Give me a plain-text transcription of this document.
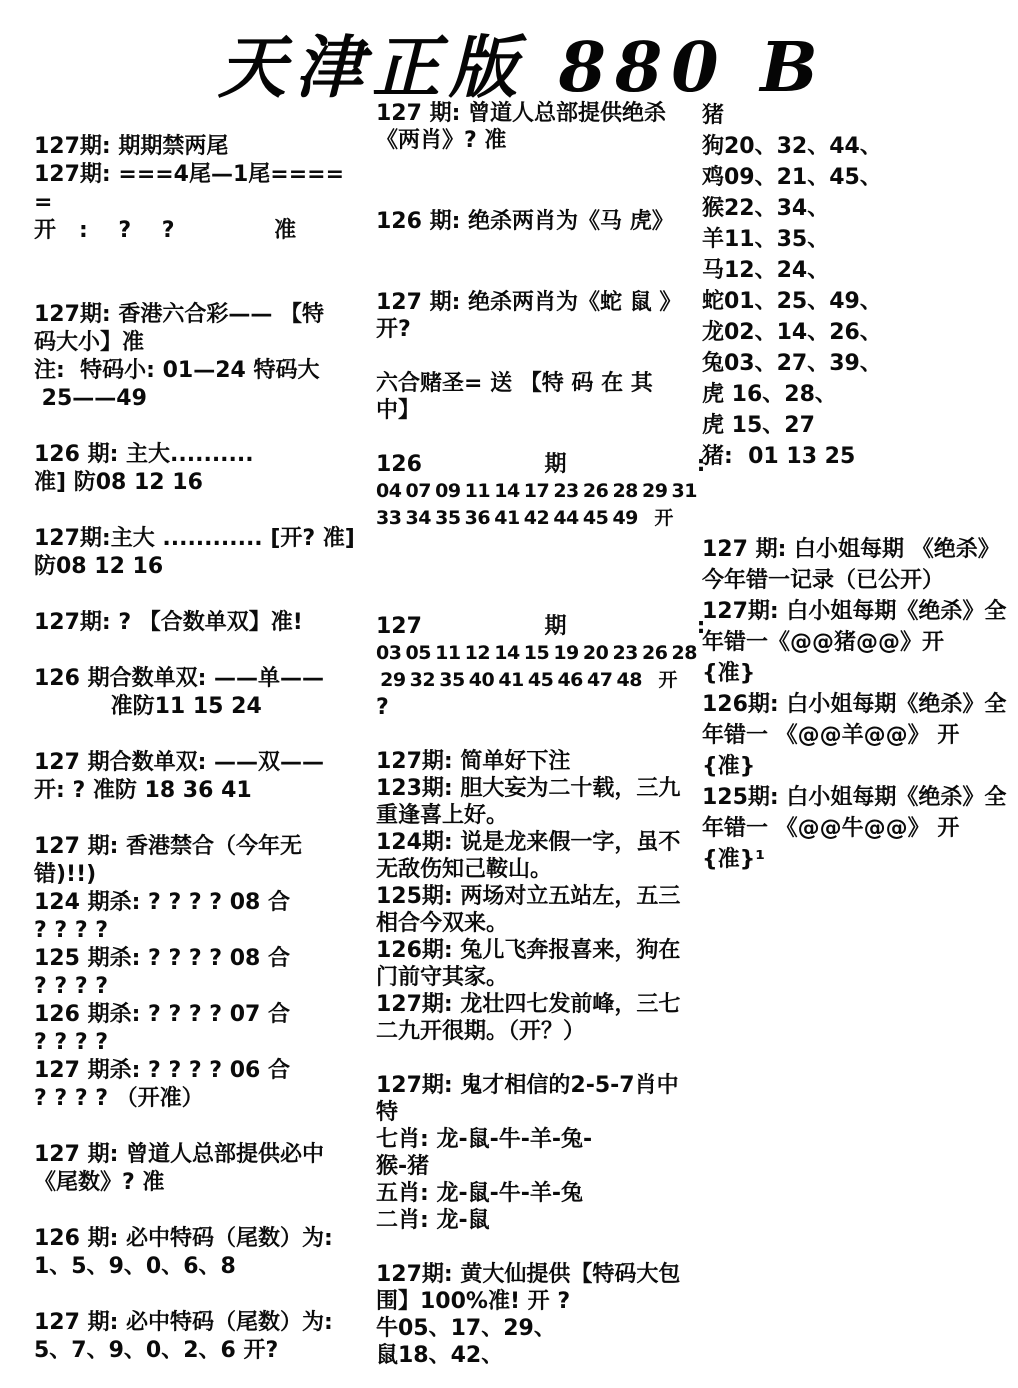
天津正版 880 B
127期: 期期禁两尾
127期: ===4尾—1尾====
=
开   :    ?    ?             准

127期: 香港六合彩—— 【特
码大小】准
注:  特码小: 01—24 特码大
25——49

126 期: 主大..........
准] 防08 12 16

127期:主大 ............ [开? 准]
防08 12 16

127期: ? 【合数单双】准!

126 期合数单双: ——单——
准防11 15 24

127 期合数单双: ——双——
开: ? 准防 18 36 41

127 期: 香港禁合（今年无
错)!!)
124 期杀: ? ? ? ? 08 合
? ? ? ?
125 期杀: ? ? ? ? 08 合
? ? ? ?
126 期杀: ? ? ? ? 07 合
? ? ? ?
127 期杀: ? ? ? ? 06 合
? ? ? ? （开准）

127 期: 曾道人总部提供必中
《尾数》? 准

126 期: 必中特码（尾数）为:
1、5、9、0、6、8

127 期: 必中特码（尾数）为:
5、7、9、0、2、6 开?
127 期: 曾道人总部提供绝杀
《两肖》? 准

126 期: 绝杀两肖为《马 虎》

127 期: 绝杀两肖为《蛇 鼠 》
开?

六合赌圣= 送 【特 码 在 其
中】

126                期                 :
04 07 09 11 14 17 23 26 28 29 31
33 34 35 36 41 42 44 45 49    开

127                期                 :
03 05 11 12 14 15 19 20 23 26 28
29 32 35 40 41 45 46 47 48    开
?

127期: 简单好下注
123期: 胆大妄为二十载，三九
重逢喜上好。
124期: 说是龙来假一字，虽不
无敌伤知己鞍山。
125期: 两场对立五站左，五三
相合今双来。
126期: 兔儿飞奔报喜来，狗在
门前守其家。
127期: 龙壮四七发前峰，三七
二九开很期。（开？）

127期: 鬼才相信的2-5-7肖中
特
七肖: 龙-鼠-牛-羊-兔-
猴-猪
五肖: 龙-鼠-牛-羊-兔
二肖: 龙-鼠

127期: 黄大仙提供【特码大包
围】100%准! 开 ?
牛05、17、29、
鼠18、42、
猪
狗20、32、44、
鸡09、21、45、
猴22、34、
羊11、35、
马12、24、
蛇01、25、49、
龙02、14、26、
兔03、27、39、
虎 16、28、
虎 15、27
猪:  01 13 25

127 期: 白小姐每期 《绝杀》
今年错一记录（已公开）
127期: 白小姐每期《绝杀》全
年错一《@@猪@@》开
{准}
126期: 白小姐每期《绝杀》全
年错一 《@@羊@@》 开
{准}
125期: 白小姐每期《绝杀》全
年错一 《@@牛@@》 开
{准}¹
